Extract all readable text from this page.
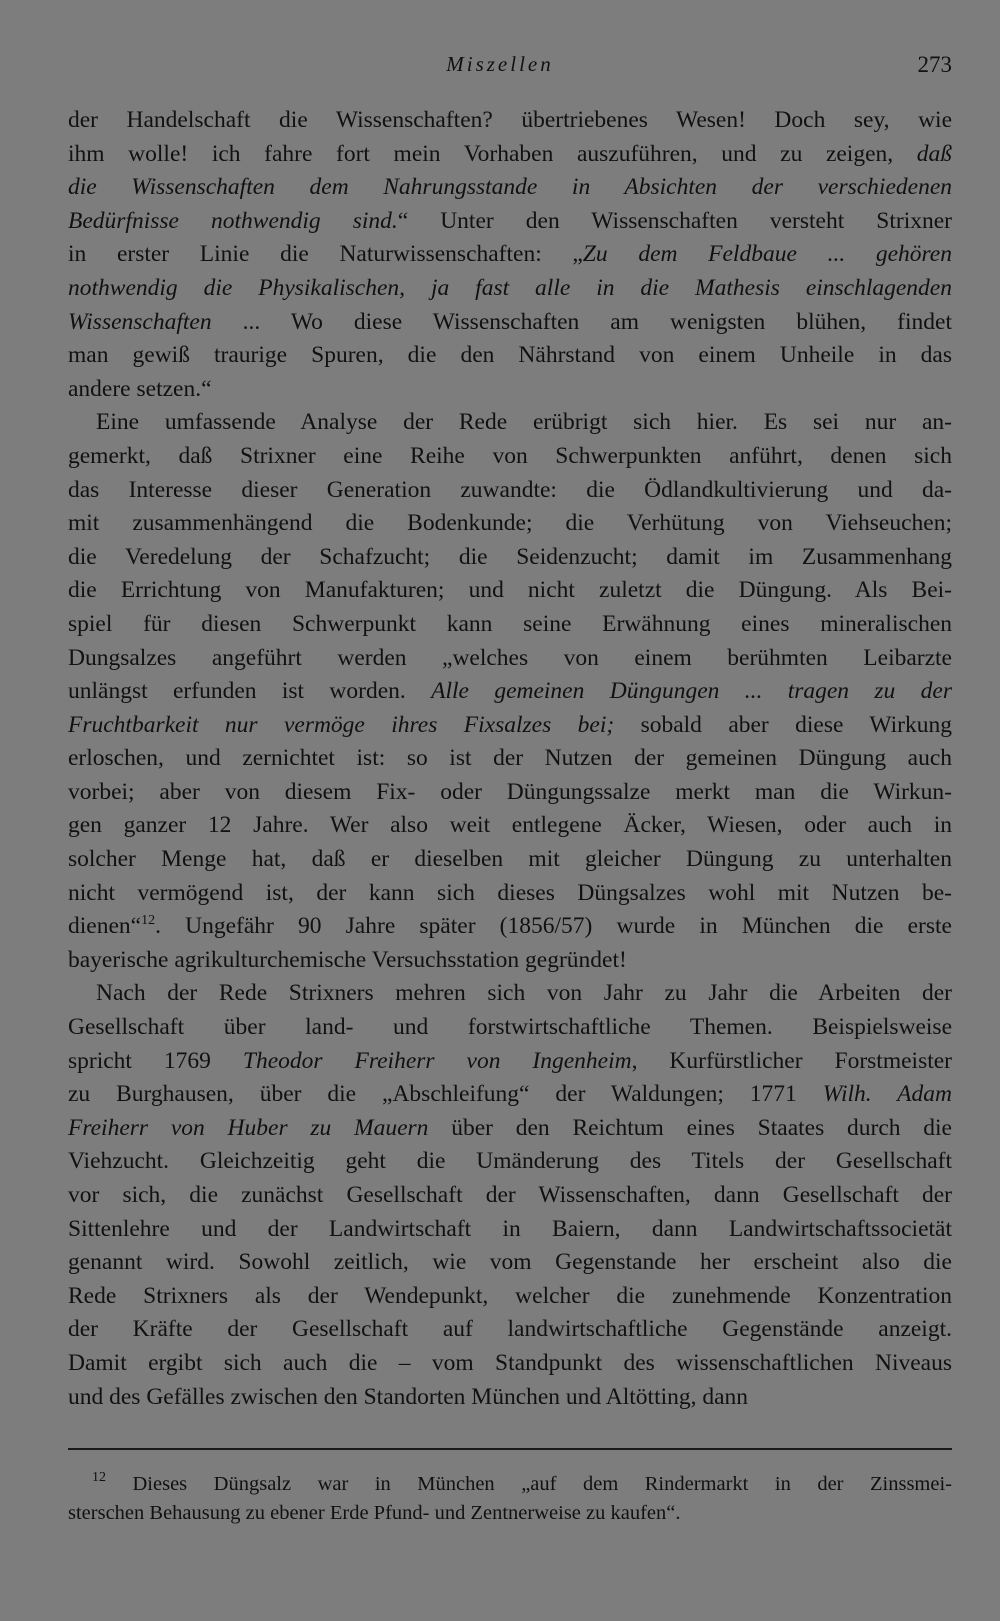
Miszellen	273
der Handelschaft die Wissenschaften? übertriebenes Wesen! Doch sey, wie
ihm wolle! ich fahre fort mein Vorhaben auszuführen, und zu zeigen, daß
die Wissenschaften dem Nahrungsstande in Absichten der verschiedenen
Bedürfnisse nothwendig sind.“ Unter den Wissenschaften versteht Strixner
in erster Linie die Naturwissenschaften: „Zu dem Feldbaue ... gehören
nothwendig die Physikalischen, ja fast alle in die Mathesis einschlagenden
Wissenschaften ... Wo diese Wissenschaften am wenigsten blühen, findet
man gewiß traurige Spuren, die den Nährstand von einem Unheile in das
andere setzen.“
Eine umfassende Analyse der Rede erübrigt sich hier. Es sei nur an-
gemerkt, daß Strixner eine Reihe von Schwerpunkten anführt, denen sich
das Interesse dieser Generation zuwandte: die Ödlandkultivierung und da-
mit zusammenhängend die Bodenkunde; die Verhütung von Viehseuchen;
die Veredelung der Schafzucht; die Seidenzucht; damit im Zusammenhang
die Errichtung von Manufakturen; und nicht zuletzt die Düngung. Als Bei-
spiel für diesen Schwerpunkt kann seine Erwähnung eines mineralischen
Dungsalzes angeführt werden „welches von einem berühmten Leibarzte
unlängst erfunden ist worden. Alle gemeinen Düngungen ... tragen zu der
Fruchtbarkeit nur vermöge ihres Fixsalzes bei; sobald aber diese Wirkung
erloschen, und zernichtet ist: so ist der Nutzen der gemeinen Düngung auch
vorbei; aber von diesem Fix- oder Düngungssalze merkt man die Wirkun-
gen ganzer 12 Jahre. Wer also weit entlegene Äcker, Wiesen, oder auch in
solcher Menge hat, daß er dieselben mit gleicher Düngung zu unterhalten
nicht vermögend ist, der kann sich dieses Düngsalzes wohl mit Nutzen be-
dienen“$^{12}$. Ungefähr 90 Jahre später (1856/57) wurde in München die erste
bayerische agrikulturchemische Versuchsstation gegründet!
Nach der Rede Strixners mehren sich von Jahr zu Jahr die Arbeiten der
Gesellschaft über land- und forstwirtschaftliche Themen. Beispielsweise
spricht 1769 Theodor Freiherr von Ingenheim, Kurfürstlicher Forstmeister
zu Burghausen, über die „Abschleifung“ der Waldungen; 1771 Wilh. Adam
Freiherr von Huber zu Mauern über den Reichtum eines Staates durch die
Viehzucht. Gleichzeitig geht die Umänderung des Titels der Gesellschaft
vor sich, die zunächst Gesellschaft der Wissenschaften, dann Gesellschaft der
Sittenlehre und der Landwirtschaft in Baiern, dann Landwirtschaftssocietät
genannt wird. Sowohl zeitlich, wie vom Gegenstande her erscheint also die
Rede Strixners als der Wendepunkt, welcher die zunehmende Konzentration
der Kräfte der Gesellschaft auf landwirtschaftliche Gegenstände anzeigt.
Damit ergibt sich auch die – vom Standpunkt des wissenschaftlichen Niveaus
und des Gefälles zwischen den Standorten München und Altötting, dann
$^{12}$ Dieses Düngsalz war in München „auf dem Rindermarkt in der Zinssmei-
sterschen Behausung zu ebener Erde Pfund- und Zentnerweise zu kaufen“.
